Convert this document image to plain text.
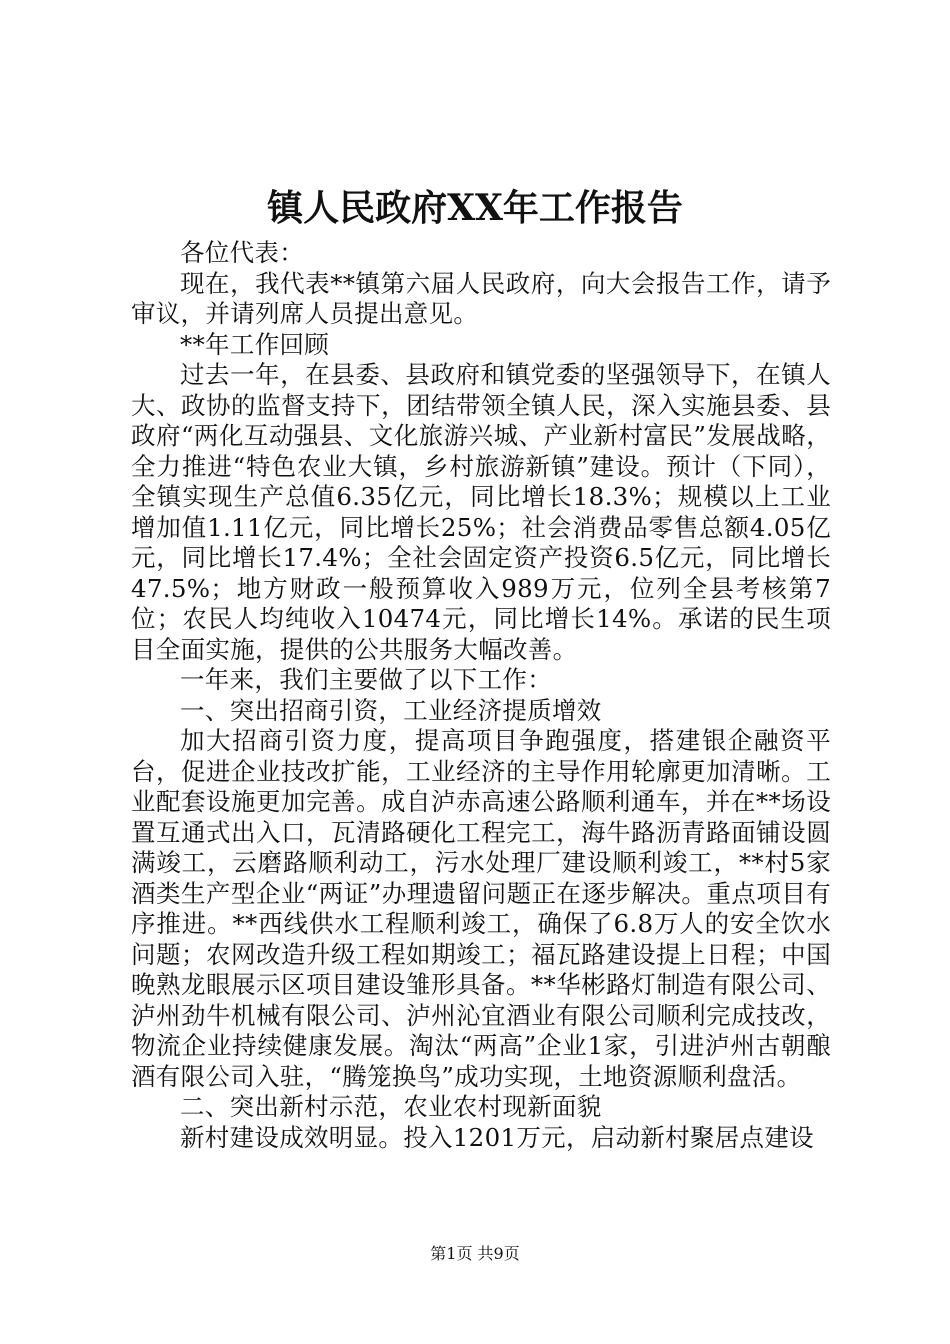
镇人民政府XX年工作报告

各位代表：

现在，我代表**镇第六届人民政府，向大会报告工作，请予审议，并请列席人员提出意见。

**年工作回顾

过去一年，在县委、县政府和镇党委的坚强领导下，在镇人大、政协的监督支持下，团结带领全镇人民，深入实施县委、县政府“两化互动强县、文化旅游兴城、产业新村富民”发展战略，全力推进“特色农业大镇，乡村旅游新镇”建设。预计（下同），全镇实现生产总值6.35亿元，同比增长18.3%；规模以上工业增加值1.11亿元，同比增长25%；社会消费品零售总额4.05亿元，同比增长17.4%；全社会固定资产投资6.5亿元，同比增长47.5%；地方财政一般预算收入989万元，位列全县考核第7位；农民人均纯收入10474元，同比增长14%。承诺的民生项目全面实施，提供的公共服务大幅改善。

一年来，我们主要做了以下工作：

一、突出招商引资，工业经济提质增效

加大招商引资力度，提高项目争跑强度，搭建银企融资平台，促进企业技改扩能，工业经济的主导作用轮廓更加清晰。工业配套设施更加完善。成自泸赤高速公路顺利通车，并在**场设置互通式出入口，瓦清路硬化工程完工，海牛路沥青路面铺设圆满竣工，云磨路顺利动工，污水处理厂建设顺利竣工，**村5家酒类生产型企业“两证”办理遗留问题正在逐步解决。重点项目有序推进。**西线供水工程顺利竣工，确保了6.8万人的安全饮水问题；农网改造升级工程如期竣工；福瓦路建设提上日程；中国晚熟龙眼展示区项目建设雏形具备。**华彬路灯制造有限公司、泸州劲牛机械有限公司、泸州沁宜酒业有限公司顺利完成技改，物流企业持续健康发展。淘汰“两高”企业1家，引进泸州古朝酿酒有限公司入驻，“腾笼换鸟”成功实现，土地资源顺利盘活。

二、突出新村示范，农业农村现新面貌

新村建设成效明显。投入1201万元，启动新村聚居点建设

第1页 共9页
